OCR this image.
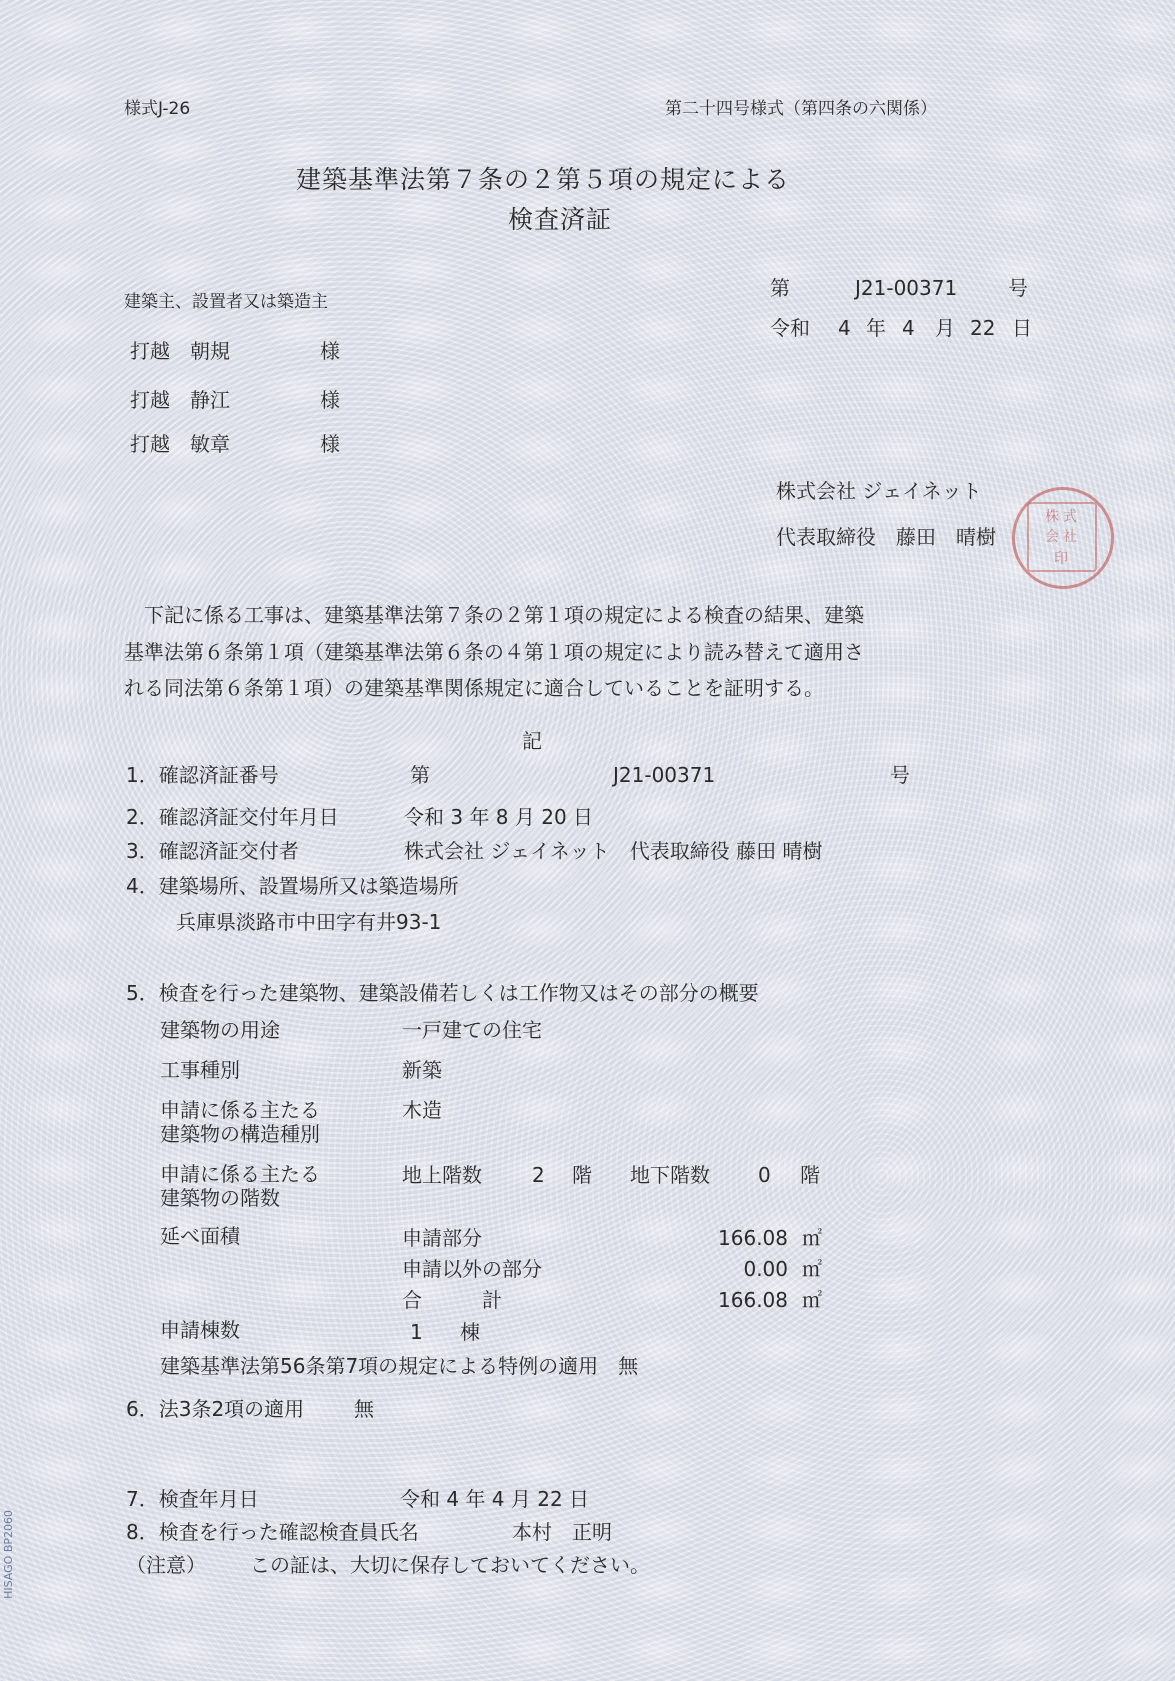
様式J-26	第二十四号様式（第四条の六関係）
建築基準法第７条の２第５項の規定による
検査済証
第	J21-00371	号
令和 4 年 4 月 22 日
建築主、設置者又は築造主
打越　朝規	様
打越　静江	様
打越　敏章	様
株式会社 ジェイネット
代表取締役　藤田　晴樹
株 式
会 社
印
　下記に係る工事は、建築基準法第７条の２第１項の規定による検査の結果、建築
基準法第６条第１項（建築基準法第６条の４第１項の規定により読み替えて適用さ
れる同法第６条第１項）の建築基準関係規定に適合していることを証明する。
記
1．確認済証番号	第	J21-00371	号
2．確認済証交付年月日	令和 3 年 8 月 20 日
3．確認済証交付者	株式会社 ジェイネット　代表取締役 藤田 晴樹
4．建築場所、設置場所又は築造場所
兵庫県淡路市中田字有井93-1
5．検査を行った建築物、建築設備若しくは工作物又はその部分の概要
建築物の用途	一戸建ての住宅
工事種別	新築
申請に係る主たる
建築物の構造種別
木造
申請に係る主たる
建築物の階数
地上階数	2 階 地下階数 0 階
延べ面積	申請部分	166.08 ㎡
申請以外の部分	0.00 ㎡
合　　　計	166.08 ㎡
申請棟数	1 棟
建築基準法第56条第7項の規定による特例の適用　無
6．法3条2項の適用 無
7．検査年月日	令和 4 年 4 月 22 日
8．検査を行った確認検査員氏名	本村　正明
（注意） この証は、大切に保存しておいてください。
HISAGO BP2060
